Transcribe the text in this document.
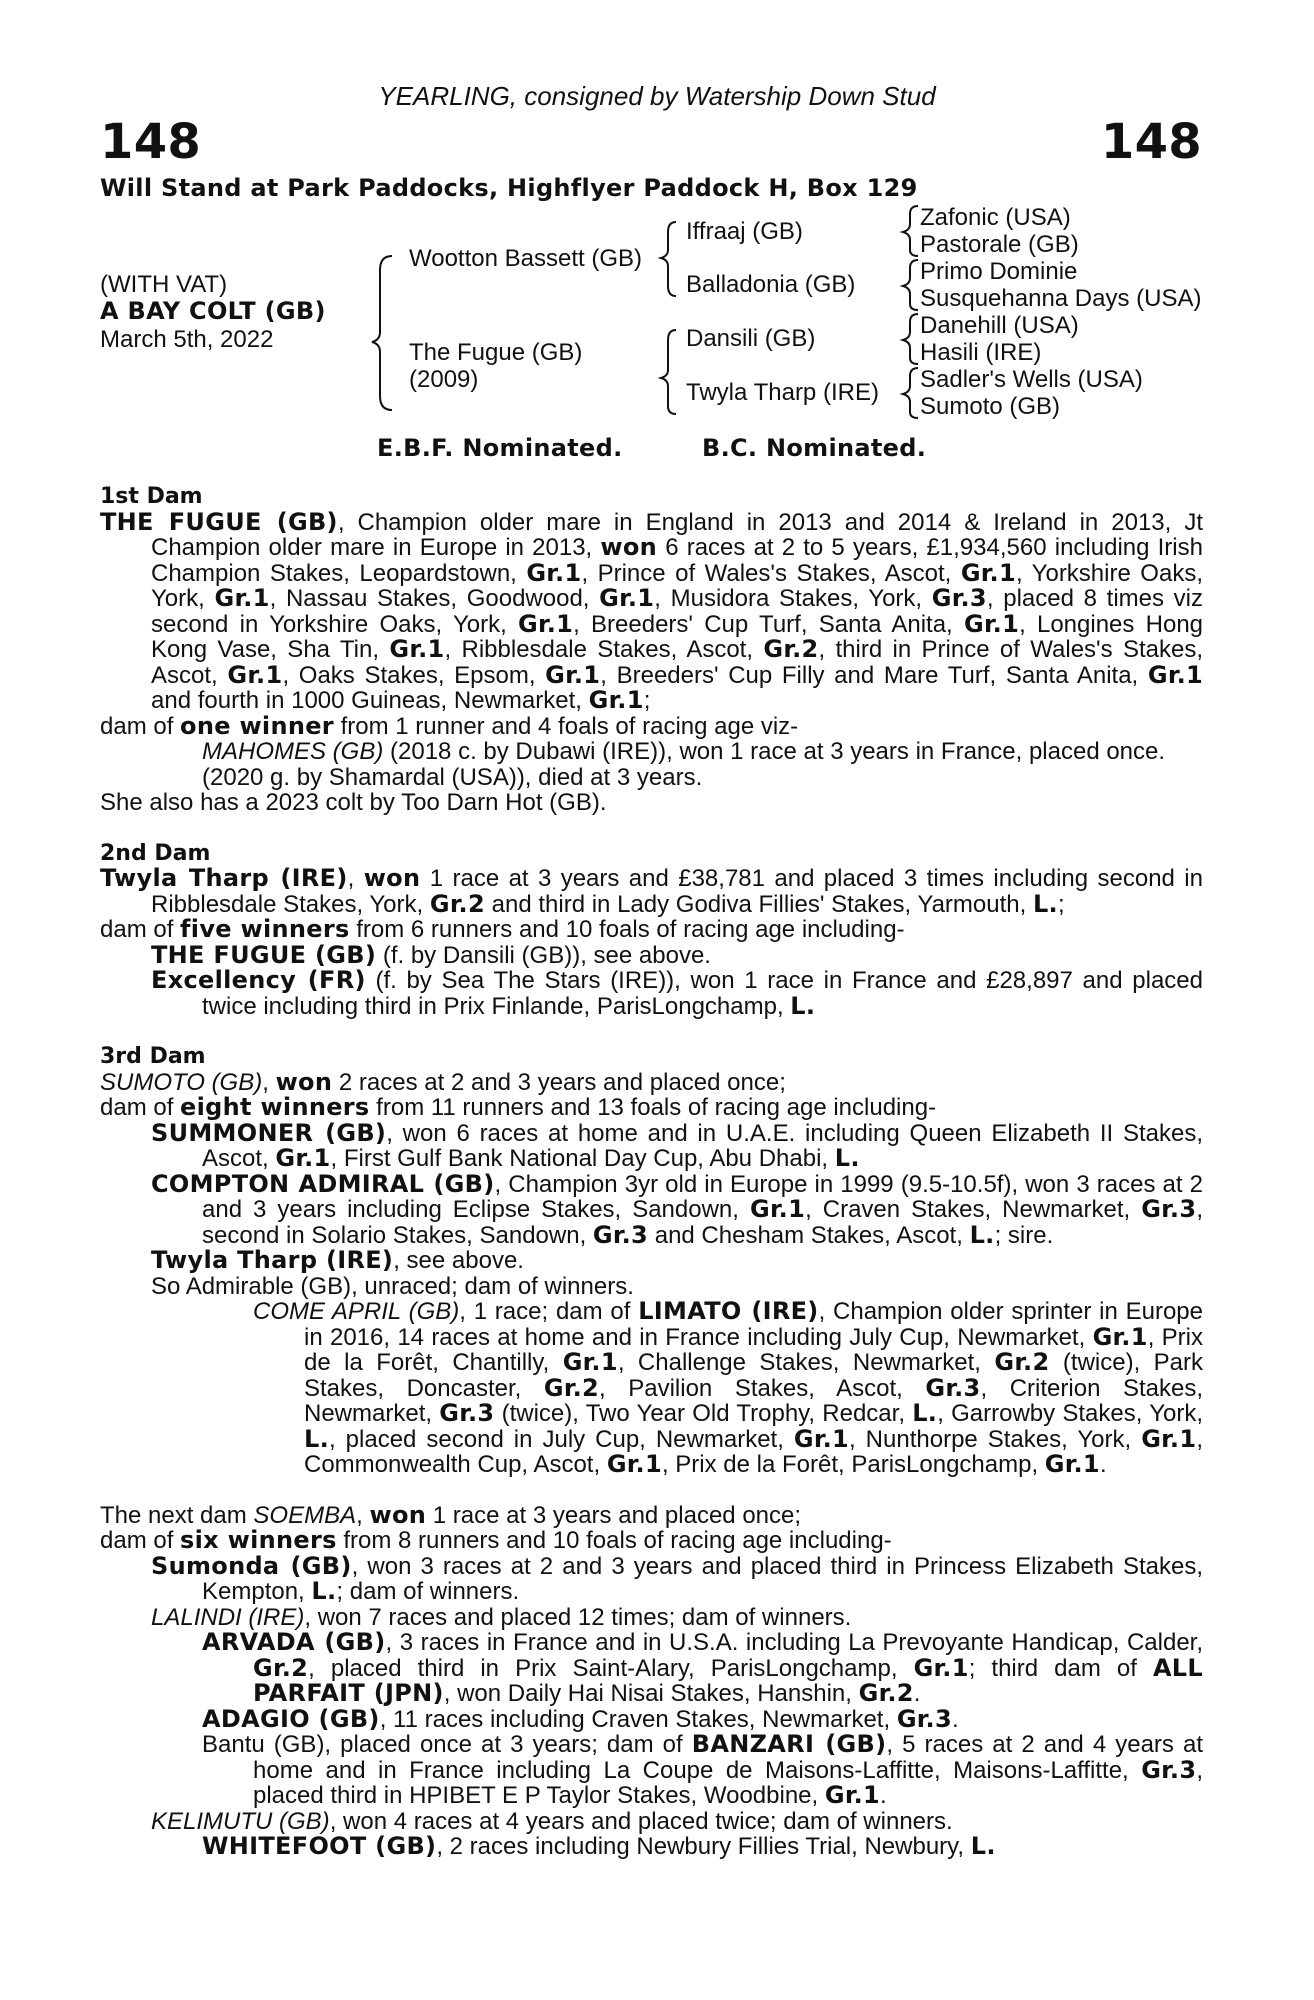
YEARLING, consigned by Watership Down Stud
148	148
Will Stand at Park Paddocks, Highflyer Paddock H, Box 129
(WITH VAT)
A BAY COLT (GB)
March 5th, 2022
Wootton Bassett (GB)
The Fugue (GB)
(2009)
Iffraaj (GB)
Balladonia (GB)
Dansili (GB)
Twyla Tharp (IRE)
Zafonic (USA)
Pastorale (GB)
Primo Dominie
Susquehanna Days (USA)
Danehill (USA)
Hasili (IRE)
Sadler's Wells (USA)
Sumoto (GB)
E.B.F. Nominated.	B.C. Nominated.

1st Dam

THE FUGUE (GB), Champion older mare in England in 2013 and 2014 & Ireland in 2013, Jt Champion older mare in Europe in 2013, won 6 races at 2 to 5 years, £1,934,560 including Irish Champion Stakes, Leopardstown, Gr.1, Prince of Wales's Stakes, Ascot, Gr.1, Yorkshire Oaks, York, Gr.1, Nassau Stakes, Goodwood, Gr.1, Musidora Stakes, York, Gr.3, placed 8 times viz second in Yorkshire Oaks, York, Gr.1, Breeders' Cup Turf, Santa Anita, Gr.1, Longines Hong Kong Vase, Sha Tin, Gr.1, Ribblesdale Stakes, Ascot, Gr.2, third in Prince of Wales's Stakes, Ascot, Gr.1, Oaks Stakes, Epsom, Gr.1, Breeders' Cup Filly and Mare Turf, Santa Anita, Gr.1 and fourth in 1000 Guineas, Newmarket, Gr.1;

dam of one winner from 1 runner and 4 foals of racing age viz-

MAHOMES (GB) (2018 c. by Dubawi (IRE)), won 1 race at 3 years in France, placed once.

(2020 g. by Shamardal (USA)), died at 3 years.

She also has a 2023 colt by Too Darn Hot (GB).

2nd Dam

Twyla Tharp (IRE), won 1 race at 3 years and £38,781 and placed 3 times including second in Ribblesdale Stakes, York, Gr.2 and third in Lady Godiva Fillies' Stakes, Yarmouth, L.;

dam of five winners from 6 runners and 10 foals of racing age including-

THE FUGUE (GB) (f. by Dansili (GB)), see above.

Excellency (FR) (f. by Sea The Stars (IRE)), won 1 race in France and £28,897 and placed twice including third in Prix Finlande, ParisLongchamp, L.

3rd Dam

SUMOTO (GB), won 2 races at 2 and 3 years and placed once;

dam of eight winners from 11 runners and 13 foals of racing age including-

SUMMONER (GB), won 6 races at home and in U.A.E. including Queen Elizabeth II Stakes, Ascot, Gr.1, First Gulf Bank National Day Cup, Abu Dhabi, L.

COMPTON ADMIRAL (GB), Champion 3yr old in Europe in 1999 (9.5-10.5f), won 3 races at 2 and 3 years including Eclipse Stakes, Sandown, Gr.1, Craven Stakes, Newmarket, Gr.3, second in Solario Stakes, Sandown, Gr.3 and Chesham Stakes, Ascot, L.; sire.

Twyla Tharp (IRE), see above.

So Admirable (GB), unraced; dam of winners.

COME APRIL (GB), 1 race; dam of LIMATO (IRE), Champion older sprinter in Europe in 2016, 14 races at home and in France including July Cup, Newmarket, Gr.1, Prix de la Forêt, Chantilly, Gr.1, Challenge Stakes, Newmarket, Gr.2 (twice), Park Stakes, Doncaster, Gr.2, Pavilion Stakes, Ascot, Gr.3, Criterion Stakes, Newmarket, Gr.3 (twice), Two Year Old Trophy, Redcar, L., Garrowby Stakes, York, L., placed second in July Cup, Newmarket, Gr.1, Nunthorpe Stakes, York, Gr.1, Commonwealth Cup, Ascot, Gr.1, Prix de la Forêt, ParisLongchamp, Gr.1.

The next dam SOEMBA, won 1 race at 3 years and placed once;

dam of six winners from 8 runners and 10 foals of racing age including-

Sumonda (GB), won 3 races at 2 and 3 years and placed third in Princess Elizabeth Stakes, Kempton, L.; dam of winners.

LALINDI (IRE), won 7 races and placed 12 times; dam of winners.

ARVADA (GB), 3 races in France and in U.S.A. including La Prevoyante Handicap, Calder, Gr.2, placed third in Prix Saint-Alary, ParisLongchamp, Gr.1; third dam of ALL PARFAIT (JPN), won Daily Hai Nisai Stakes, Hanshin, Gr.2.

ADAGIO (GB), 11 races including Craven Stakes, Newmarket, Gr.3.

Bantu (GB), placed once at 3 years; dam of BANZARI (GB), 5 races at 2 and 4 years at home and in France including La Coupe de Maisons-Laffitte, Maisons-Laffitte, Gr.3, placed third in HPIBET E P Taylor Stakes, Woodbine, Gr.1.

KELIMUTU (GB), won 4 races at 4 years and placed twice; dam of winners.

WHITEFOOT (GB), 2 races including Newbury Fillies Trial, Newbury, L.
